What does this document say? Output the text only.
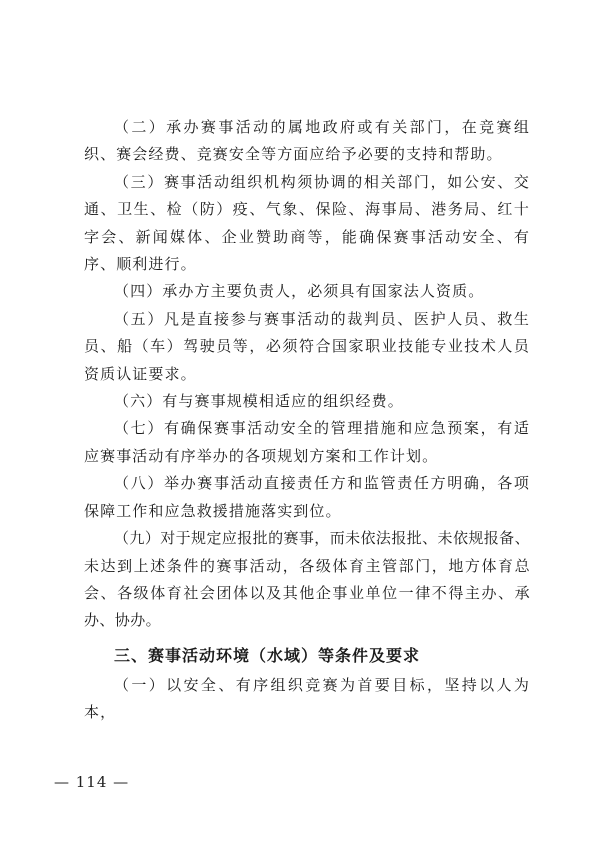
（二）承办赛事活动的属地政府或有关部门，在竞赛组织、赛会经费、竞赛安全等方面应给予必要的支持和帮助。

（三）赛事活动组织机构须协调的相关部门，如公安、交通、卫生、检（防）疫、气象、保险、海事局、港务局、红十字会、新闻媒体、企业赞助商等，能确保赛事活动安全、有序、顺利进行。

（四）承办方主要负责人，必须具有国家法人资质。

（五）凡是直接参与赛事活动的裁判员、医护人员、救生员、船（车）驾驶员等，必须符合国家职业技能专业技术人员资质认证要求。

（六）有与赛事规模相适应的组织经费。

（七）有确保赛事活动安全的管理措施和应急预案，有适应赛事活动有序举办的各项规划方案和工作计划。

（八）举办赛事活动直接责任方和监管责任方明确，各项保障工作和应急救援措施落实到位。

（九）对于规定应报批的赛事，而未依法报批、未依规报备、未达到上述条件的赛事活动，各级体育主管部门，地方体育总会、各级体育社会团体以及其他企事业单位一律不得主办、承办、协办。

三、赛事活动环境（水域）等条件及要求

（一）以安全、有序组织竞赛为首要目标，坚持以人为本，

— 114 —
